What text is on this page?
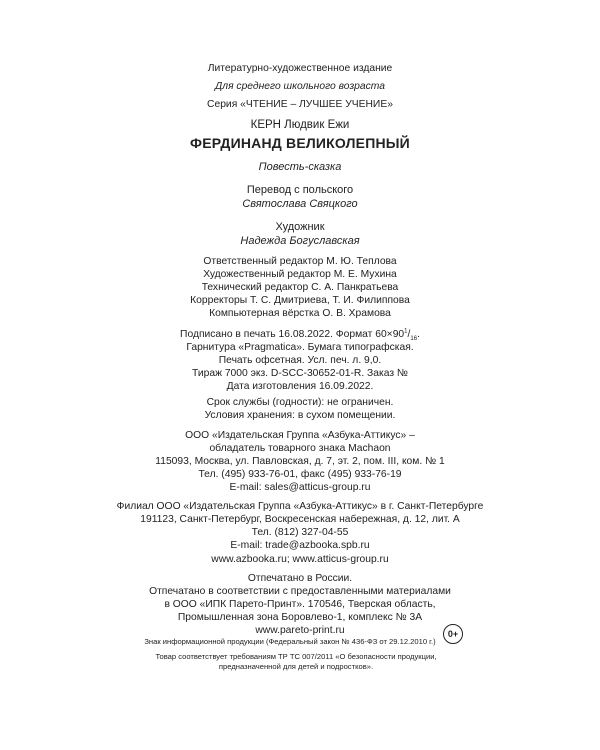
Литературно-художественное издание
Для среднего школьного возраста
Серия «ЧТЕНИЕ – ЛУЧШЕЕ УЧЕНИЕ»
КЕРН Людвик Ежи
ФЕРДИНАНД ВЕЛИКОЛЕПНЫЙ
Повесть-сказка
Перевод с польского
Святослава Свяцкого
Художник
Надежда Богуславская
Ответственный редактор М. Ю. Теплова
Художественный редактор М. Е. Мухина
Технический редактор С. А. Панкратьева
Корректоры Т. С. Дмитриева, Т. И. Филиппова
Компьютерная вёрстка О. В. Храмова
Подписано в печать 16.08.2022. Формат $60\times 90^1/_{16}$.
Гарнитура «Pragmatica». Бумага типографская.
Печать офсетная. Усл. печ. л. 9,0.
Тираж 7000 экз. D-SCC-30652-01-R. Заказ №
Дата изготовления 16.09.2022.
Срок службы (годности): не ограничен.
Условия хранения: в сухом помещении.
ООО «Издательская Группа «Азбука-Аттикус» –
обладатель товарного знака Machaon
115093, Москва, ул. Павловская, д. 7, эт. 2, пом. III, ком. № 1
Тел. (495) 933-76-01, факс (495) 933-76-19
E-mail: sales@atticus-group.ru
Филиал ООО «Издательская Группа «Азбука-Аттикус» в г. Санкт-Петербурге
191123, Санкт-Петербург, Воскресенская набережная, д. 12, лит. А
Тел. (812) 327-04-55
E-mail: trade@azbooka.spb.ru
www.azbooka.ru; www.atticus-group.ru
Отпечатано в России.
Отпечатано в соответствии с предоставленными материалами
в ООО «ИПК Парето-Принт». 170546, Тверская область,
Промышленная зона Боровлево-1, комплекс № 3А
www.pareto-print.ru
Знак информационной продукции (Федеральный закон № 436-ФЗ от 29.12.2010 г.)
0+
Товар соответствует требованиям ТР ТС 007/2011 «О безопасности продукции,
предназначенной для детей и подростков».
